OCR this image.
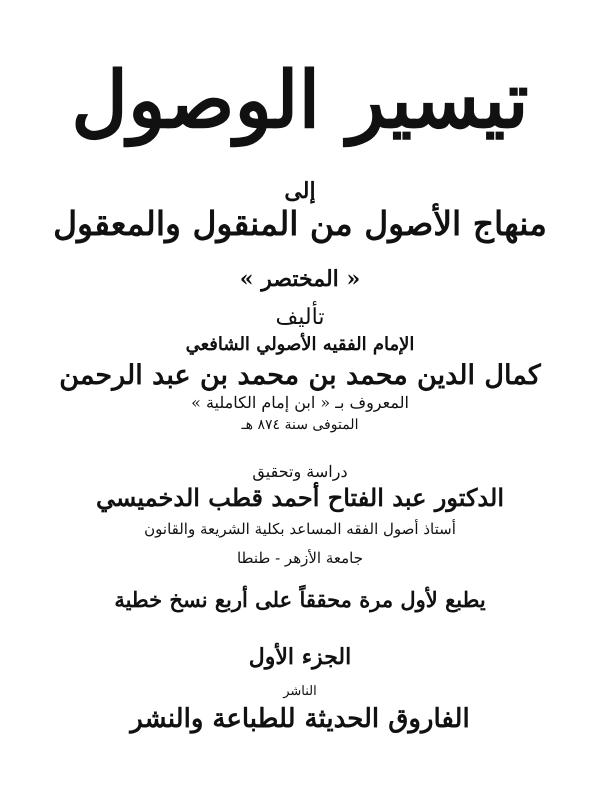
تيسير الوصول
إلى
منهاج الأصول من المنقول والمعقول
« المختصر »
تأليف
الإمام الفقيه الأصولي الشافعي
كمال الدين محمد بن محمد بن عبد الرحمن
المعروف بـ « ابن إمام الكاملية »
المتوفى سنة ٨٧٤ هـ
دراسة وتحقيق
الدكتور عبد الفتاح أحمد قطب الدخميسي
أستاذ أصول الفقه المساعد بكلية الشريعة والقانون
جامعة الأزهر - طنطا
يطبع لأول مرة محققاً على أربع نسخ خطية
الجزء الأول
الناشر
الفاروق الحديثة للطباعة والنشر
